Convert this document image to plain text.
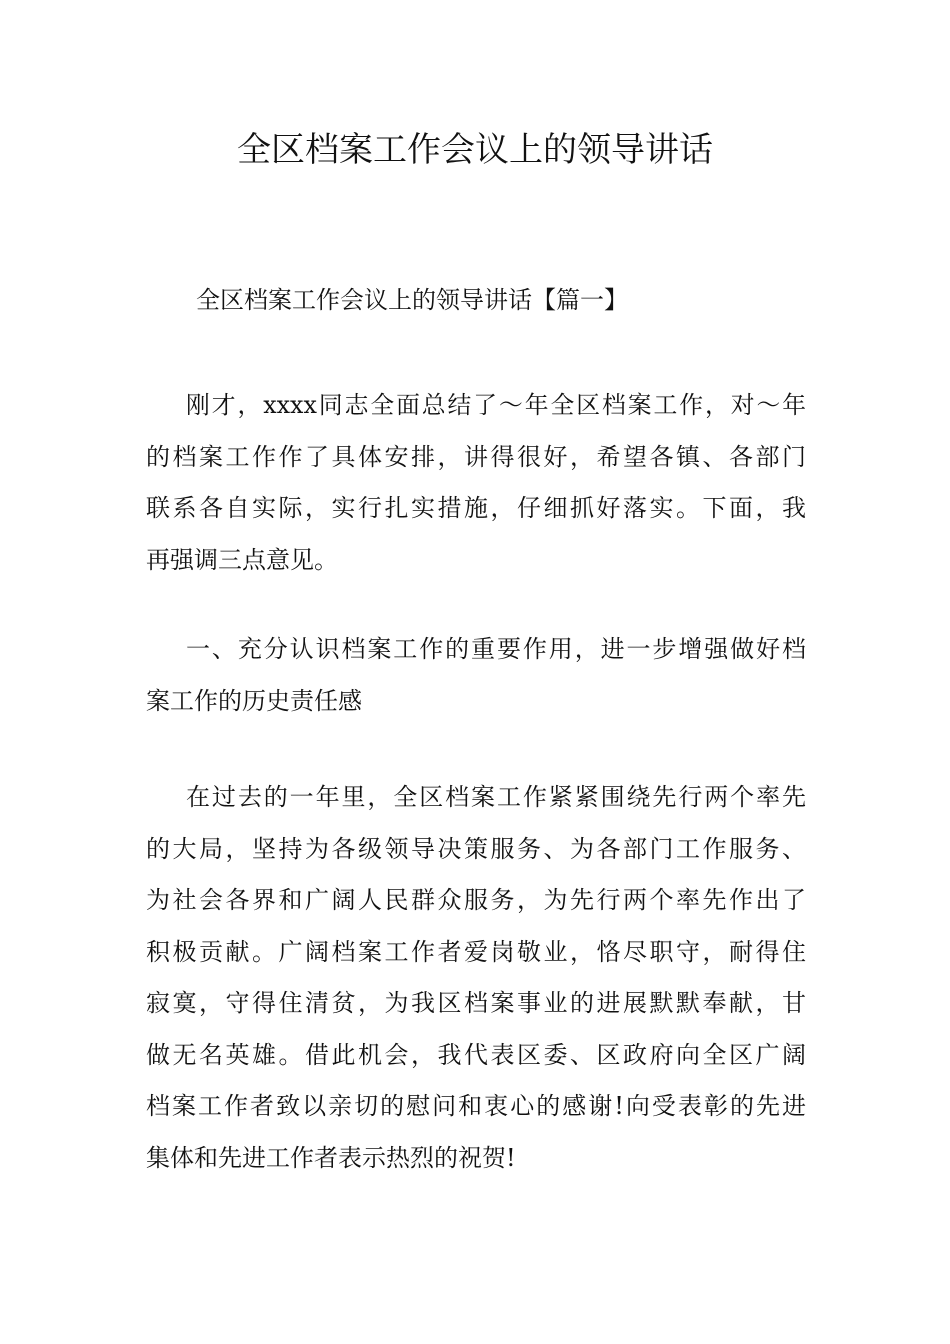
全区档案工作会议上的领导讲话

全区档案工作会议上的领导讲话【篇一】

刚才，xxxx同志全面总结了～年全区档案工作，对～年
的档案工作作了具体安排，讲得很好，希望各镇、各部门
联系各自实际，实行扎实措施，仔细抓好落实。下面，我
再强调三点意见。
一、充分认识档案工作的重要作用，进一步增强做好档
案工作的历史责任感
在过去的一年里，全区档案工作紧紧围绕先行两个率先
的大局，坚持为各级领导决策服务、为各部门工作服务、
为社会各界和广阔人民群众服务，为先行两个率先作出了
积极贡献。广阔档案工作者爱岗敬业，恪尽职守，耐得住
寂寞，守得住清贫，为我区档案事业的进展默默奉献，甘
做无名英雄。借此机会，我代表区委、区政府向全区广阔
档案工作者致以亲切的慰问和衷心的感谢!向受表彰的先进
集体和先进工作者表示热烈的祝贺!
